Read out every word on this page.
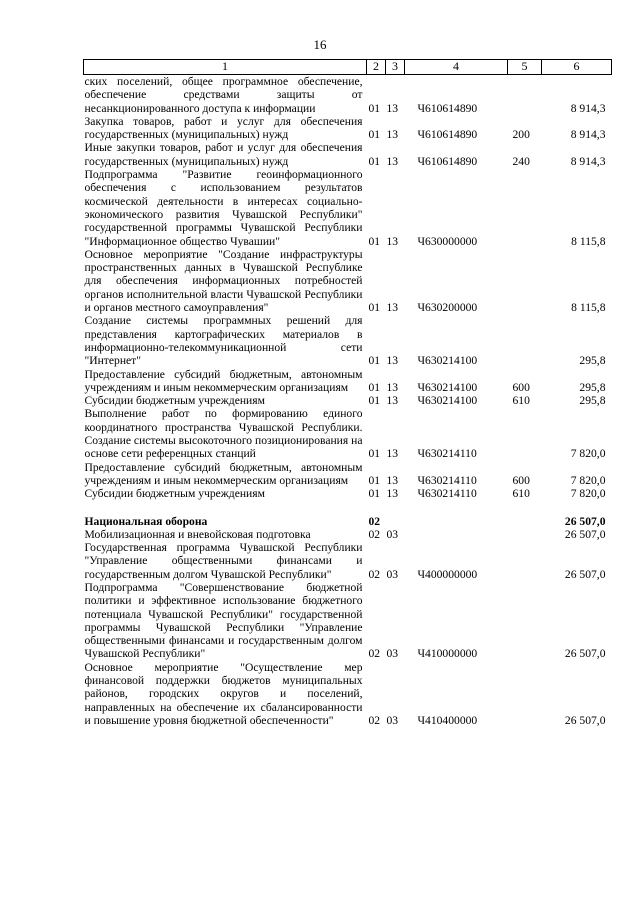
16
1	2	3	4	5	6
ских поселений, общее программное обеспечение, обеспечение средствами защиты от несанкционированного доступа к информации	01	13	Ч610614890		8 914,3
Закупка товаров, работ и услуг для обеспечения государственных (муниципальных) нужд	01	13	Ч610614890	200	8 914,3
Иные закупки товаров, работ и услуг для обеспечения государственных (муниципальных) нужд	01	13	Ч610614890	240	8 914,3
Подпрограмма "Развитие геоинформационного обеспечения с использованием результатов космической деятельности в интересах социально-экономического развития Чувашской Республики" государственной программы Чувашской Республики "Информационное общество Чувашии"	01	13	Ч630000000		8 115,8
Основное мероприятие "Создание инфраструктуры пространственных данных в Чувашской Республике для обеспечения информационных потребностей органов исполнительной власти Чувашской Республики и органов местного самоуправления"	01	13	Ч630200000		8 115,8
Создание системы программных решений для представления картографических материалов в информационно-телекоммуникационной сети "Интернет"	01	13	Ч630214100		295,8
Предоставление субсидий бюджетным, автономным учреждениям и иным некоммерческим организациям	01	13	Ч630214100	600	295,8
Субсидии бюджетным учреждениям	01	13	Ч630214100	610	295,8
Выполнение работ по формированию единого координатного пространства Чувашской Республики. Создание системы высокоточного позиционирования на основе сети референцных станций	01	13	Ч630214110		7 820,0
Предоставление субсидий бюджетным, автономным учреждениям и иным некоммерческим организациям	01	13	Ч630214110	600	7 820,0
Субсидии бюджетным учреждениям	01	13	Ч630214110	610	7 820,0

Национальная оборона	02				26 507,0
Мобилизационная и вневойсковая подготовка	02	03			26 507,0
Государственная программа Чувашской Республики "Управление общественными финансами и государственным долгом Чувашской Республики"	02	03	Ч400000000		26 507,0
Подпрограмма "Совершенствование бюджетной политики и эффективное использование бюджетного потенциала Чувашской Республики" государственной программы Чувашской Республики "Управление общественными финансами и государственным долгом Чувашской Республики"	02	03	Ч410000000		26 507,0
Основное мероприятие "Осуществление мер финансовой поддержки бюджетов муниципальных районов, городских округов и поселений, направленных на обеспечение их сбалансированности и повышение уровня бюджетной обеспеченности"	02	03	Ч410400000		26 507,0
